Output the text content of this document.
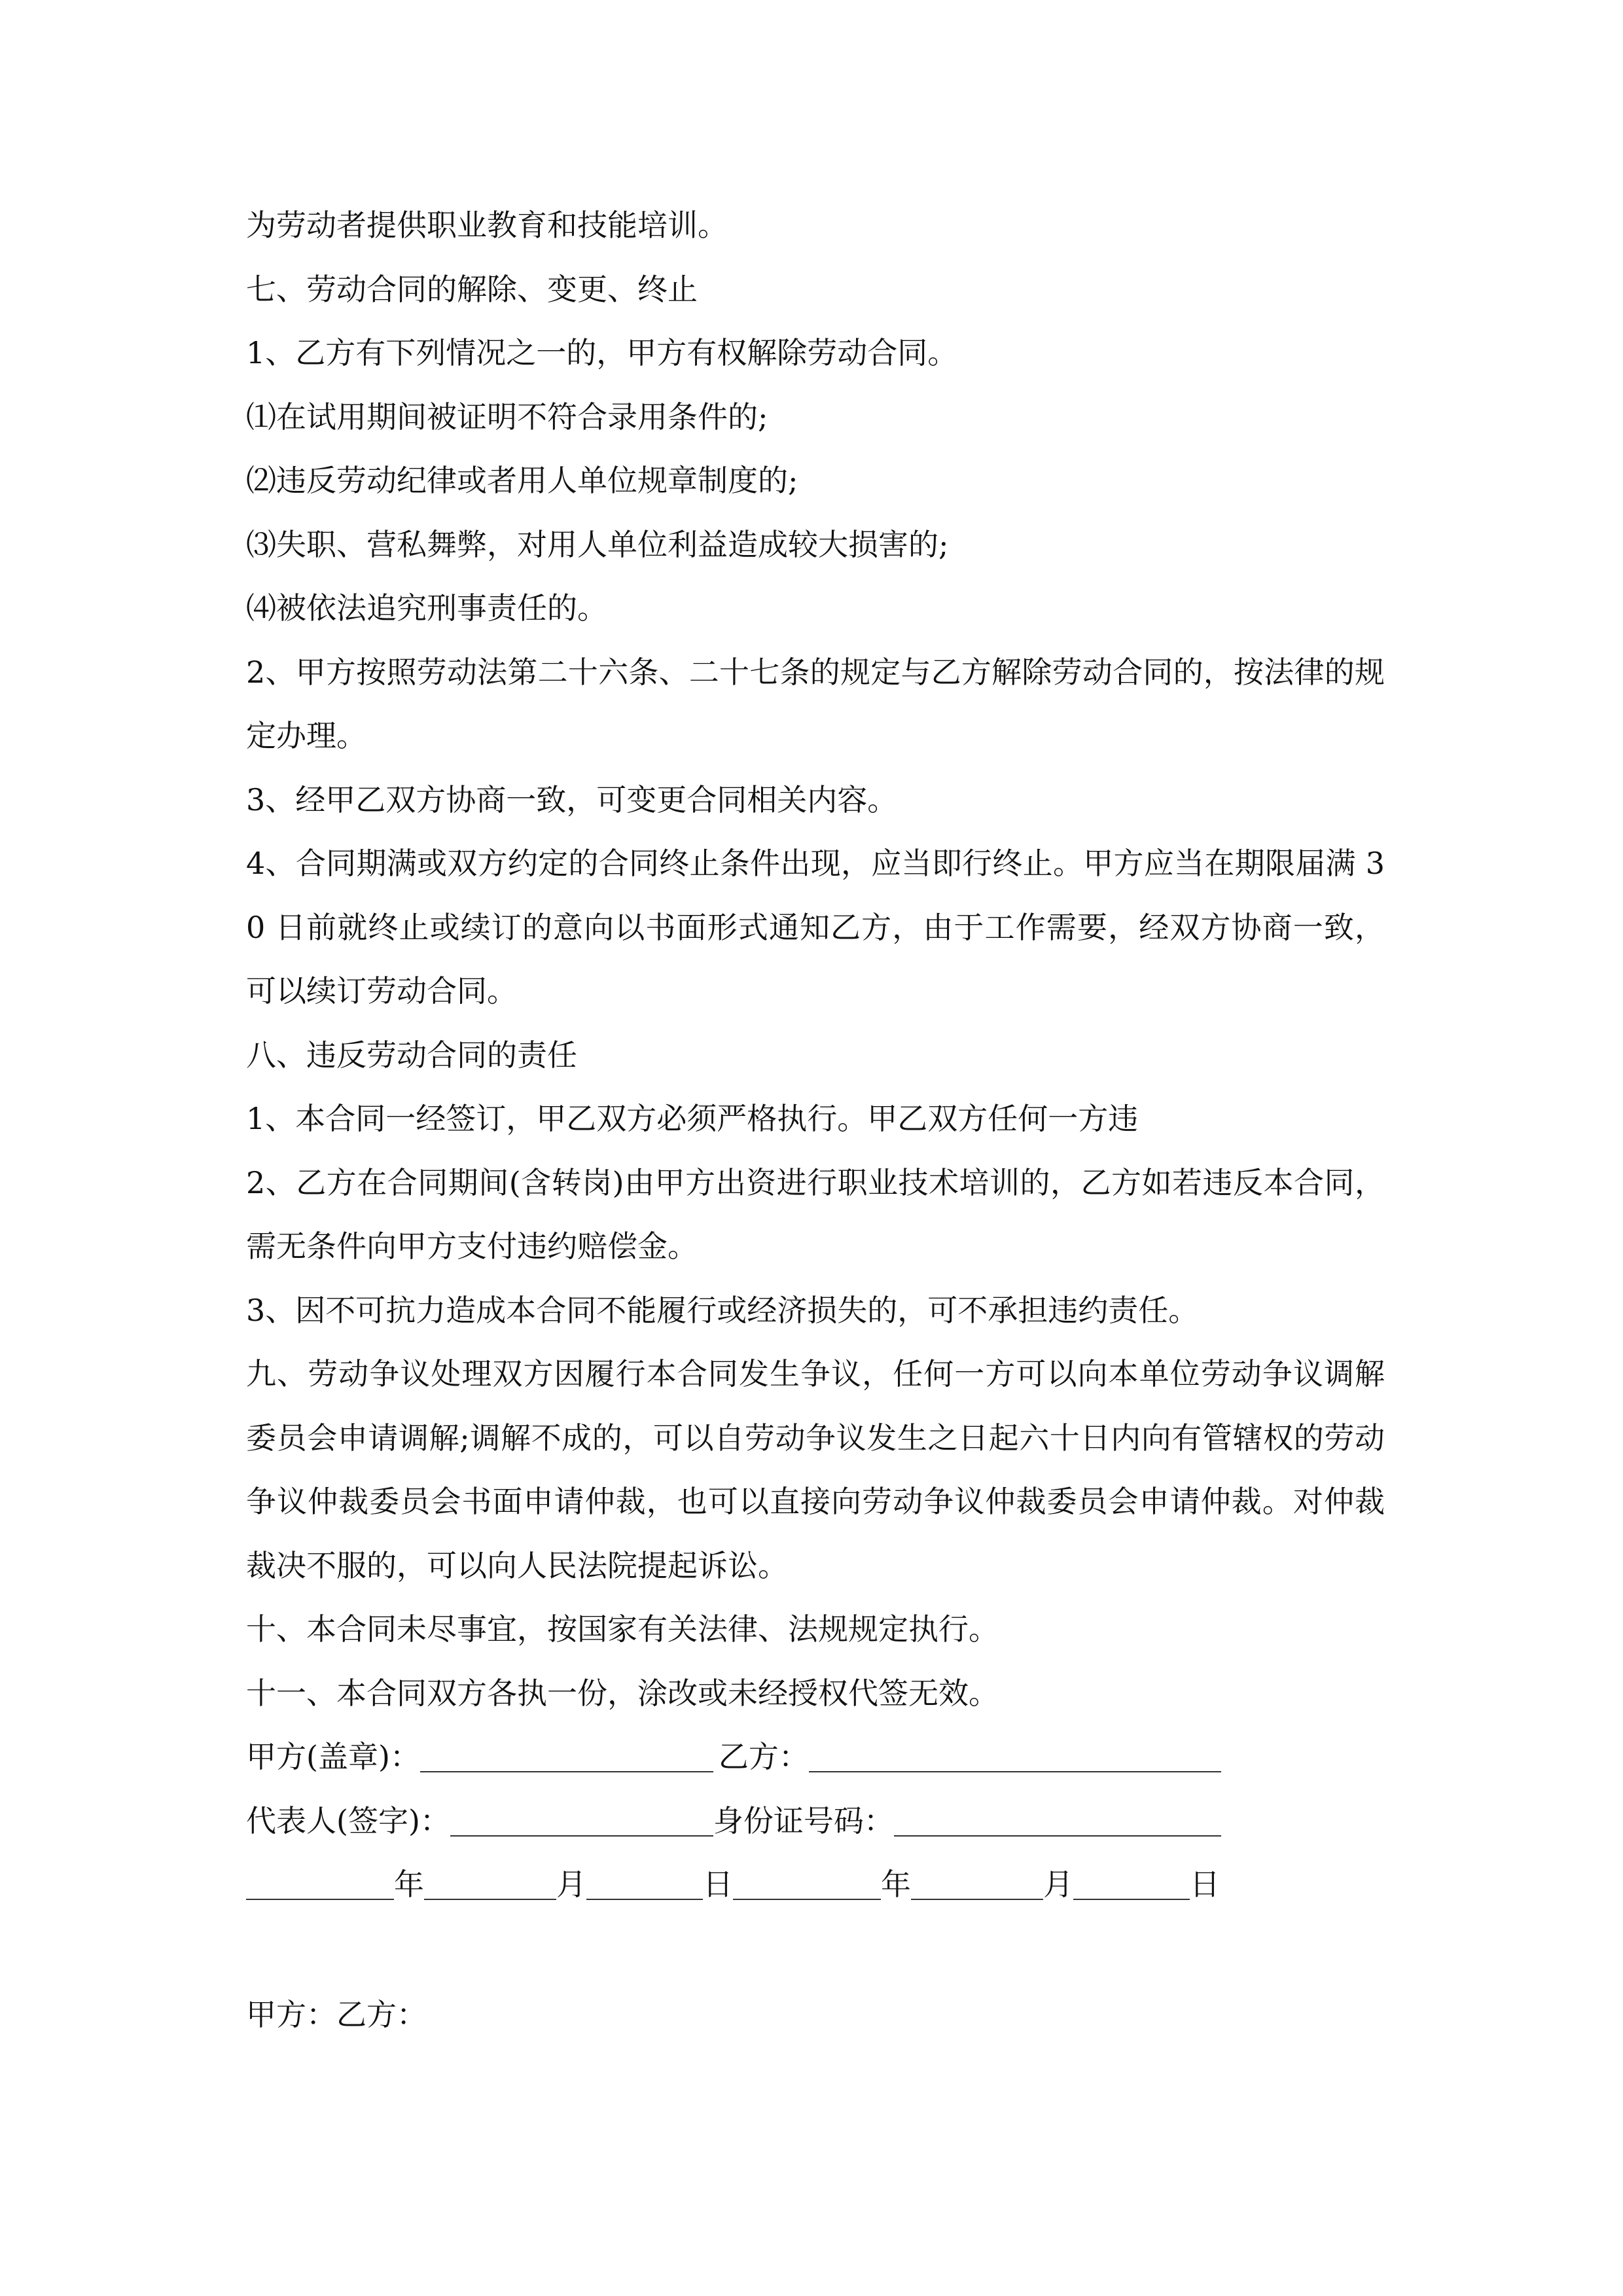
为劳动者提供职业教育和技能培训。

七、劳动合同的解除、变更、终止

1、乙方有下列情况之一的，甲方有权解除劳动合同。

⑴在试用期间被证明不符合录用条件的;

⑵违反劳动纪律或者用人单位规章制度的;

⑶失职、营私舞弊，对用人单位利益造成较大损害的;

⑷被依法追究刑事责任的。

2、甲方按照劳动法第二十六条、二十七条的规定与乙方解除劳动合同的，按法律的规定办理。

3、经甲乙双方协商一致，可变更合同相关内容。

4、合同期满或双方约定的合同终止条件出现，应当即行终止。甲方应当在期限届满 30 日前就终止或续订的意向以书面形式通知乙方，由于工作需要，经双方协商一致，可以续订劳动合同。

八、违反劳动合同的责任

1、本合同一经签订，甲乙双方必须严格执行。甲乙双方任何一方违

2、乙方在合同期间(含转岗)由甲方出资进行职业技术培训的，乙方如若违反本合同，需无条件向甲方支付违约赔偿金。

3、因不可抗力造成本合同不能履行或经济损失的，可不承担违约责任。

九、劳动争议处理双方因履行本合同发生争议，任何一方可以向本单位劳动争议调解委员会申请调解;调解不成的，可以自劳动争议发生之日起六十日内向有管辖权的劳动争议仲裁委员会书面申请仲裁，也可以直接向劳动争议仲裁委员会申请仲裁。对仲裁裁决不服的，可以向人民法院提起诉讼。

十、本合同未尽事宜，按国家有关法律、法规规定执行。

十一、本合同双方各执一份，涂改或未经授权代签无效。

甲方(盖章)：	乙方：

代表人(签字)：	身份证号码：

年	月	日	年	月	日

甲方：乙方：
